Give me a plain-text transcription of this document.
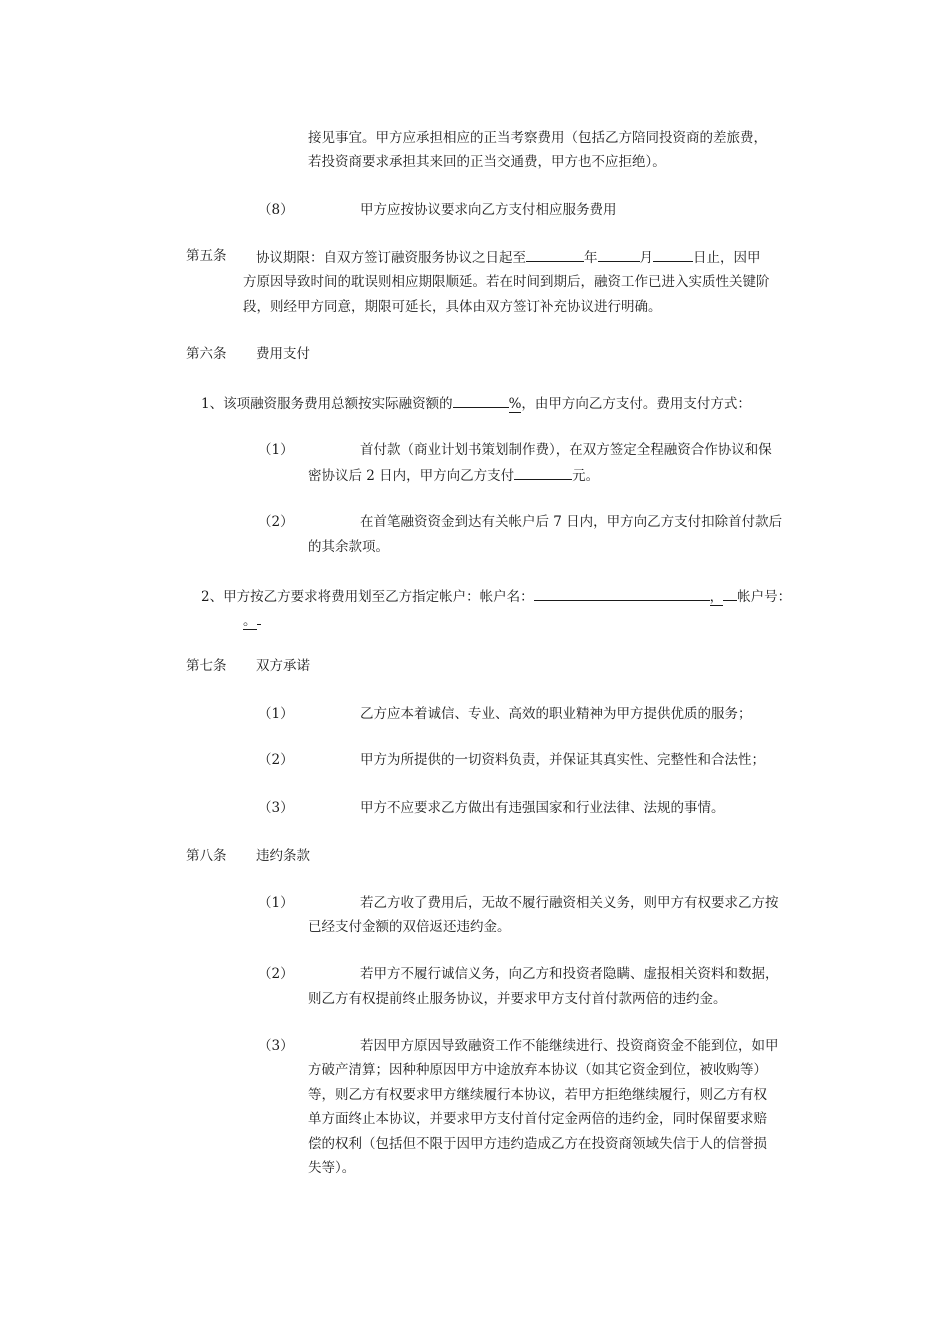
接见事宜。甲方应承担相应的正当考察费用（包括乙方陪同投资商的差旅费，
若投资商要求承担其来回的正当交通费，甲方也不应拒绝）。
（8）	甲方应按协议要求向乙方支付相应服务费用
第五条 协议期限：自双方签订融资服务协议之日起至	年	月	日止，因甲
方原因导致时间的耽误则相应期限顺延。若在时间到期后，融资工作已进入实质性关键阶
段，则经甲方同意，期限可延长，具体由双方签订补充协议进行明确。
第六条 费用支付
1、该项融资服务费用总额按实际融资额的	%，由甲方向乙方支付。费用支付方式：
（1）	首付款（商业计划书策划制作费），在双方签定全程融资合作协议和保
密协议后 2 日内，甲方向乙方支付	元。
（2）	在首笔融资资金到达有关帐户后 7 日内，甲方向乙方支付扣除首付款后
的其余款项。
2、甲方按乙方要求将费用划至乙方指定帐户：帐户名：	， 帐户号：
。
第七条 双方承诺
（1）	乙方应本着诚信、专业、高效的职业精神为甲方提供优质的服务；
（2）	甲方为所提供的一切资料负责，并保证其真实性、完整性和合法性；
（3）	甲方不应要求乙方做出有违强国家和行业法律、法规的事情。
第八条 违约条款
（1）	若乙方收了费用后，无故不履行融资相关义务，则甲方有权要求乙方按
已经支付金额的双倍返还违约金。
（2）	若甲方不履行诚信义务，向乙方和投资者隐瞒、虚报相关资料和数据，
则乙方有权提前终止服务协议，并要求甲方支付首付款两倍的违约金。
（3）	若因甲方原因导致融资工作不能继续进行、投资商资金不能到位，如甲
方破产清算；因种种原因甲方中途放弃本协议（如其它资金到位，被收购等）
等，则乙方有权要求甲方继续履行本协议，若甲方拒绝继续履行，则乙方有权
单方面终止本协议，并要求甲方支付首付定金两倍的违约金，同时保留要求赔
偿的权利（包括但不限于因甲方违约造成乙方在投资商领域失信于人的信誉损
失等）。
